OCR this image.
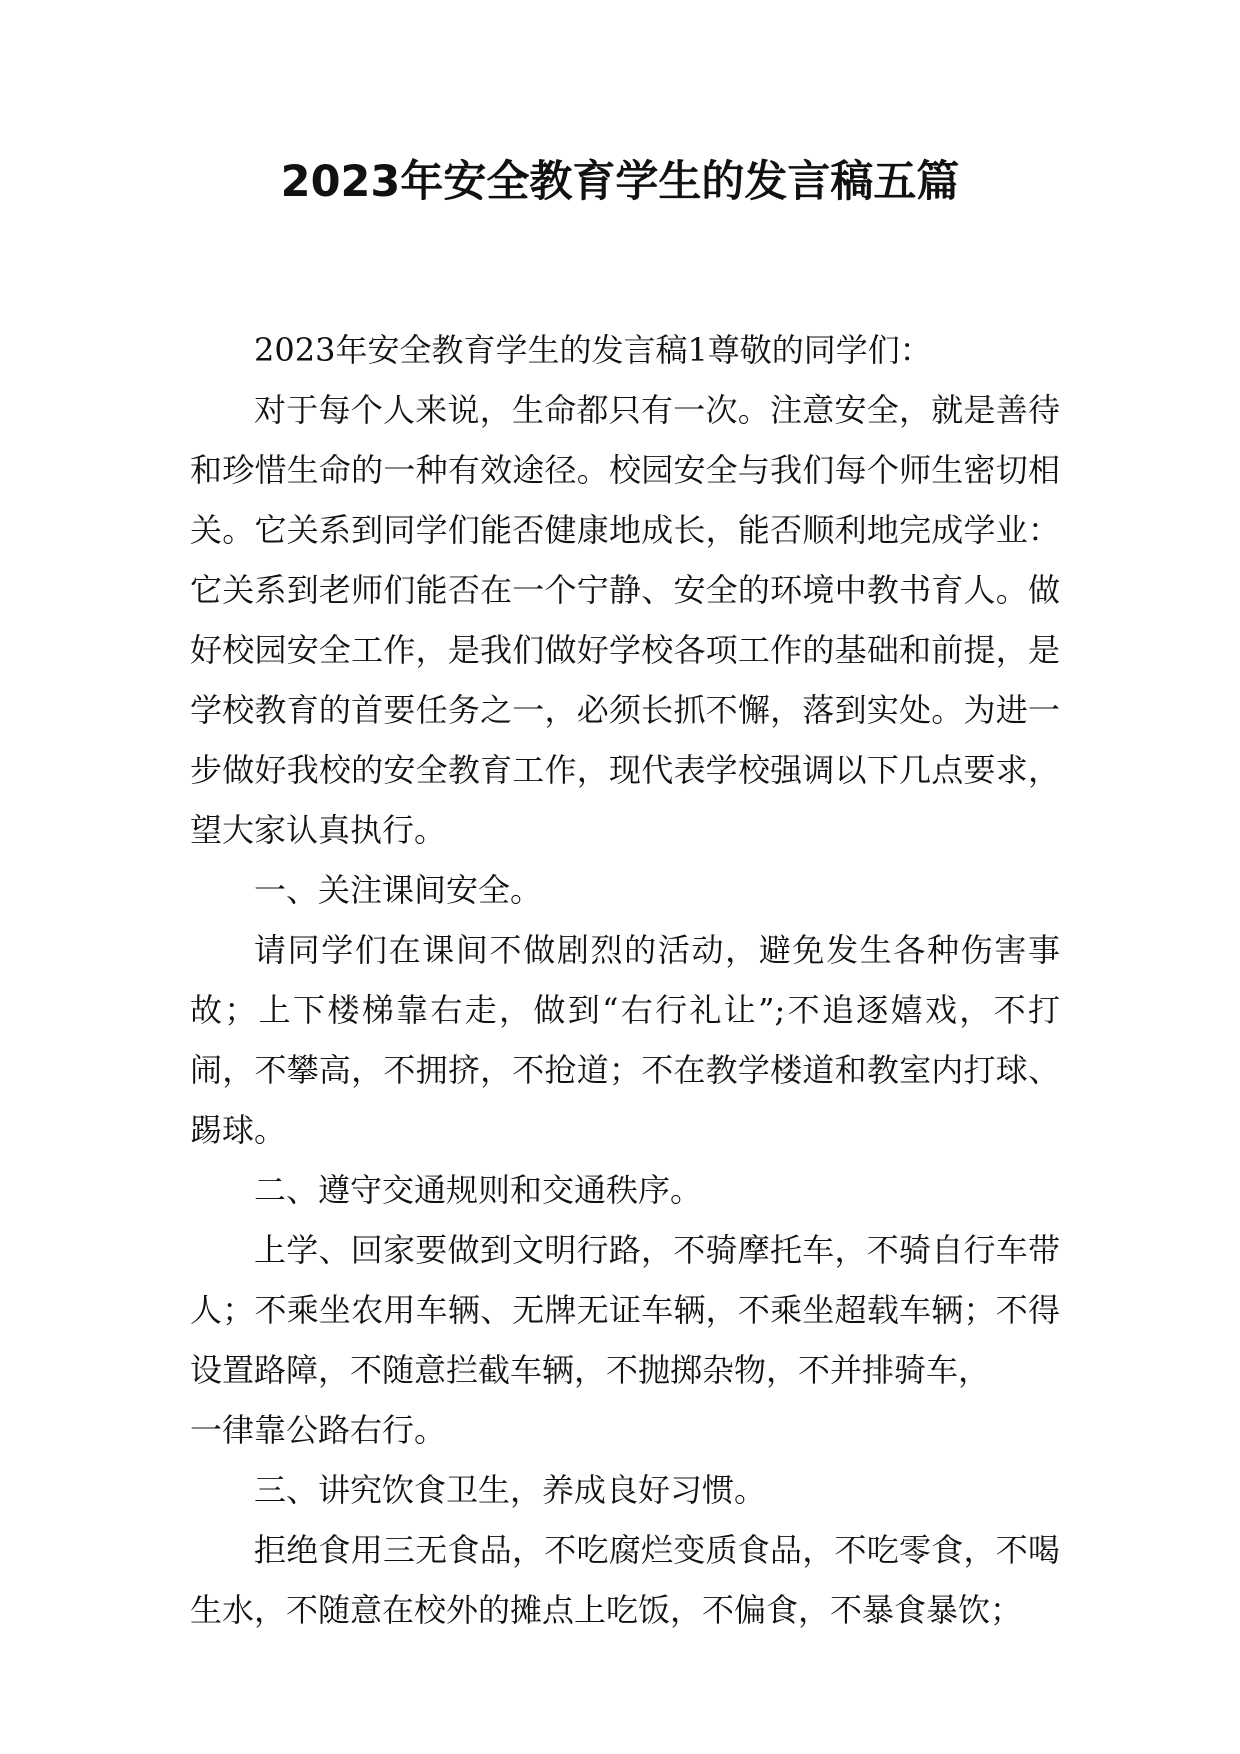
2023年安全教育学生的发言稿五篇

2023年安全教育学生的发言稿1尊敬的同学们：

对于每个人来说，生命都只有一次。注意安全，就是善待和珍惜生命的一种有效途径。校园安全与我们每个师生密切相关。它关系到同学们能否健康地成长，能否顺利地完成学业：它关系到老师们能否在一个宁静、安全的环境中教书育人。做好校园安全工作，是我们做好学校各项工作的基础和前提，是学校教育的首要任务之一，必须长抓不懈，落到实处。为进一步做好我校的安全教育工作，现代表学校强调以下几点要求，望大家认真执行。

一、关注课间安全。

请同学们在课间不做剧烈的活动，避免发生各种伤害事故；上下楼梯靠右走，做到“右行礼让”;不追逐嬉戏，不打闹，不攀高，不拥挤，不抢道；不在教学楼道和教室内打球、踢球。

二、遵守交通规则和交通秩序。

上学、回家要做到文明行路，不骑摩托车，不骑自行车带人；不乘坐农用车辆、无牌无证车辆，不乘坐超载车辆；不得设置路障，不随意拦截车辆，不抛掷杂物，不并排骑车，

一律靠公路右行。

三、讲究饮食卫生，养成良好习惯。

拒绝食用三无食品，不吃腐烂变质食品，不吃零食，不喝生水，不随意在校外的摊点上吃饭，不偏食，不暴食暴饮；
